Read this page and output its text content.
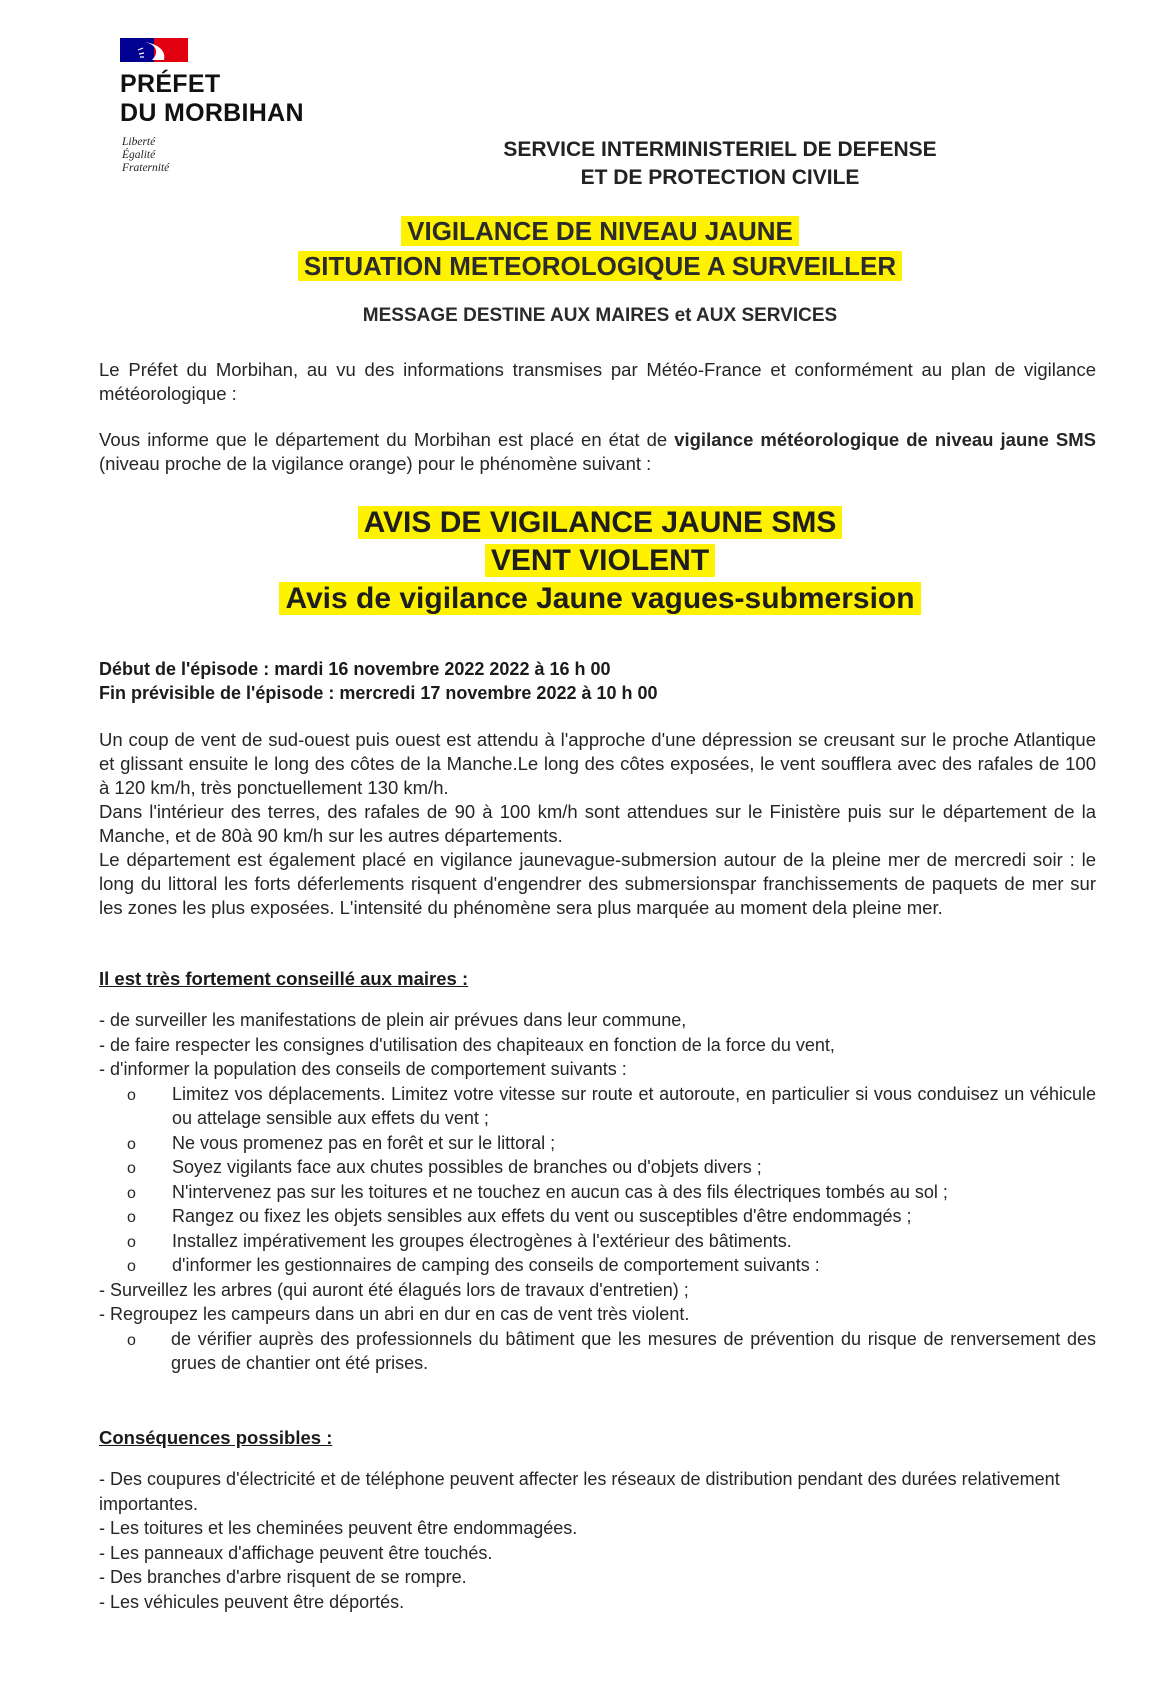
PRÉFET
DU MORBIHAN
Liberté
Égalité
Fraternité
SERVICE INTERMINISTERIEL DE DEFENSE
ET DE PROTECTION CIVILE
VIGILANCE DE NIVEAU JAUNE
SITUATION METEOROLOGIQUE A SURVEILLER
MESSAGE DESTINE AUX MAIRES et AUX SERVICES
Le Préfet du Morbihan, au vu des informations transmises par Météo-France et conformément au plan de vigilance météorologique :
Vous informe que le département du Morbihan est placé en état de vigilance météorologique de niveau jaune SMS (niveau proche de la vigilance orange) pour le phénomène suivant :
AVIS DE VIGILANCE JAUNE SMS
VENT VIOLENT
Avis de vigilance Jaune vagues-submersion
Début de l'épisode : mardi 16 novembre 2022 2022 à 16 h 00
Fin prévisible de l'épisode : mercredi 17 novembre 2022 à 10 h 00
Un coup de vent de sud-ouest puis ouest est attendu à l'approche d'une dépression se creusant sur le proche Atlantique et glissant ensuite le long des côtes de la Manche.Le long des côtes exposées, le vent soufflera avec des rafales de 100 à 120 km/h, très ponctuellement 130 km/h.
Dans l'intérieur des terres, des rafales de 90 à 100 km/h sont attendues sur le Finistère puis sur le département de la Manche, et de 80à 90 km/h sur les autres départements.
Le département est également placé en vigilance jaunevague-submersion autour de la pleine mer de mercredi soir : le long du littoral les forts déferlements risquent d'engendrer des submersionspar franchissements de paquets de mer sur les zones les plus exposées. L'intensité du phénomène sera plus marquée au moment dela pleine mer.
Il est très fortement conseillé aux maires :
- de surveiller les manifestations de plein air prévues dans leur commune,
- de faire respecter les consignes d'utilisation des chapiteaux en fonction de la force du vent,
- d'informer la population des conseils de comportement suivants :
o Limitez vos déplacements. Limitez votre vitesse sur route et autoroute, en particulier si vous conduisez un véhicule ou attelage sensible aux effets du vent ;
o Ne vous promenez pas en forêt et sur le littoral ;
o Soyez vigilants face aux chutes possibles de branches ou d'objets divers ;
o N'intervenez pas sur les toitures et ne touchez en aucun cas à des fils électriques tombés au sol ;
o Rangez ou fixez les objets sensibles aux effets du vent ou susceptibles d'être endommagés ;
o Installez impérativement les groupes électrogènes à l'extérieur des bâtiments.
o d'informer les gestionnaires de camping des conseils de comportement suivants :
- Surveillez les arbres (qui auront été élagués lors de travaux d'entretien) ;
- Regroupez les campeurs dans un abri en dur en cas de vent très violent.
o de vérifier auprès des professionnels du bâtiment que les mesures de prévention du risque de renversement des grues de chantier ont été prises.
Conséquences possibles :
- Des coupures d'électricité et de téléphone peuvent affecter les réseaux de distribution pendant des durées relativement importantes.
- Les toitures et les cheminées peuvent être endommagées.
- Les panneaux d'affichage peuvent être touchés.
- Des branches d'arbre risquent de se rompre.
- Les véhicules peuvent être déportés.
